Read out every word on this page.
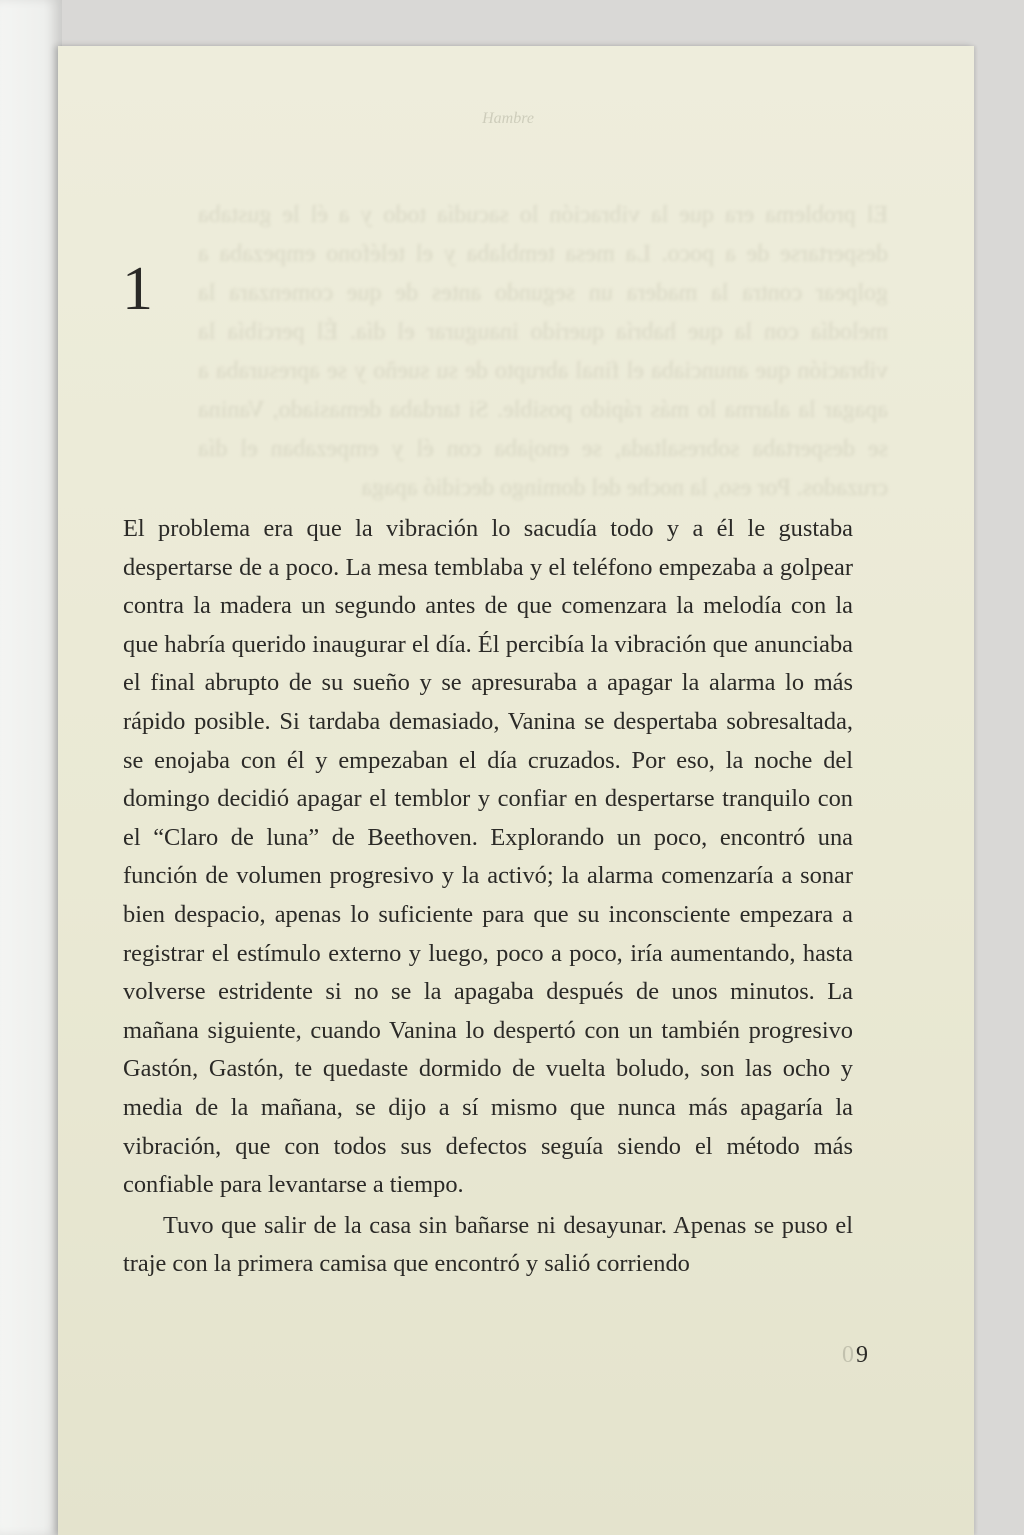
Hambre
El problema era que la vibración lo sacudía todo y a él le gustaba despertarse de a poco. La mesa temblaba y el teléfono empezaba a golpear contra la madera un segundo antes de que comenzara la melodía con la que habría querido inaugurar el día. Él percibía la vibración que anunciaba el final abrupto de su sueño y se apresuraba a apagar la alarma lo más rápido posible. Si tardaba demasiado, Vanina se despertaba sobresaltada, se enojaba con él y empezaban el día cruzados. Por eso, la noche del domingo decidió apaga
1

El problema era que la vibración lo sacudía todo y a él le gustaba despertarse de a poco. La mesa temblaba y el teléfono empezaba a golpear contra la madera un segundo antes de que comenzara la melodía con la que habría querido inaugurar el día. Él percibía la vibración que anunciaba el final abrupto de su sueño y se apresuraba a apagar la alarma lo más rápido posible. Si tardaba demasiado, Vanina se despertaba sobresaltada, se enojaba con él y empezaban el día cruzados. Por eso, la noche del domingo decidió apagar el temblor y confiar en despertarse tranquilo con el “Claro de luna” de Beethoven. Explorando un poco, encontró una función de volumen progresivo y la activó; la alarma comenzaría a sonar bien despacio, apenas lo suficiente para que su inconsciente empezara a registrar el estímulo externo y luego, poco a poco, iría aumentando, hasta volverse estridente si no se la apagaba después de unos minutos. La mañana siguiente, cuando Vanina lo despertó con un también progresivo Gastón, Gastón, te quedaste dormido de vuelta boludo, son las ocho y media de la mañana, se dijo a sí mismo que nunca más apagaría la vibración, que con todos sus defectos seguía siendo el método más confiable para levantarse a tiempo.

Tuvo que salir de la casa sin bañarse ni desayunar. Apenas se puso el traje con la primera camisa que encontró y salió corriendo

09
